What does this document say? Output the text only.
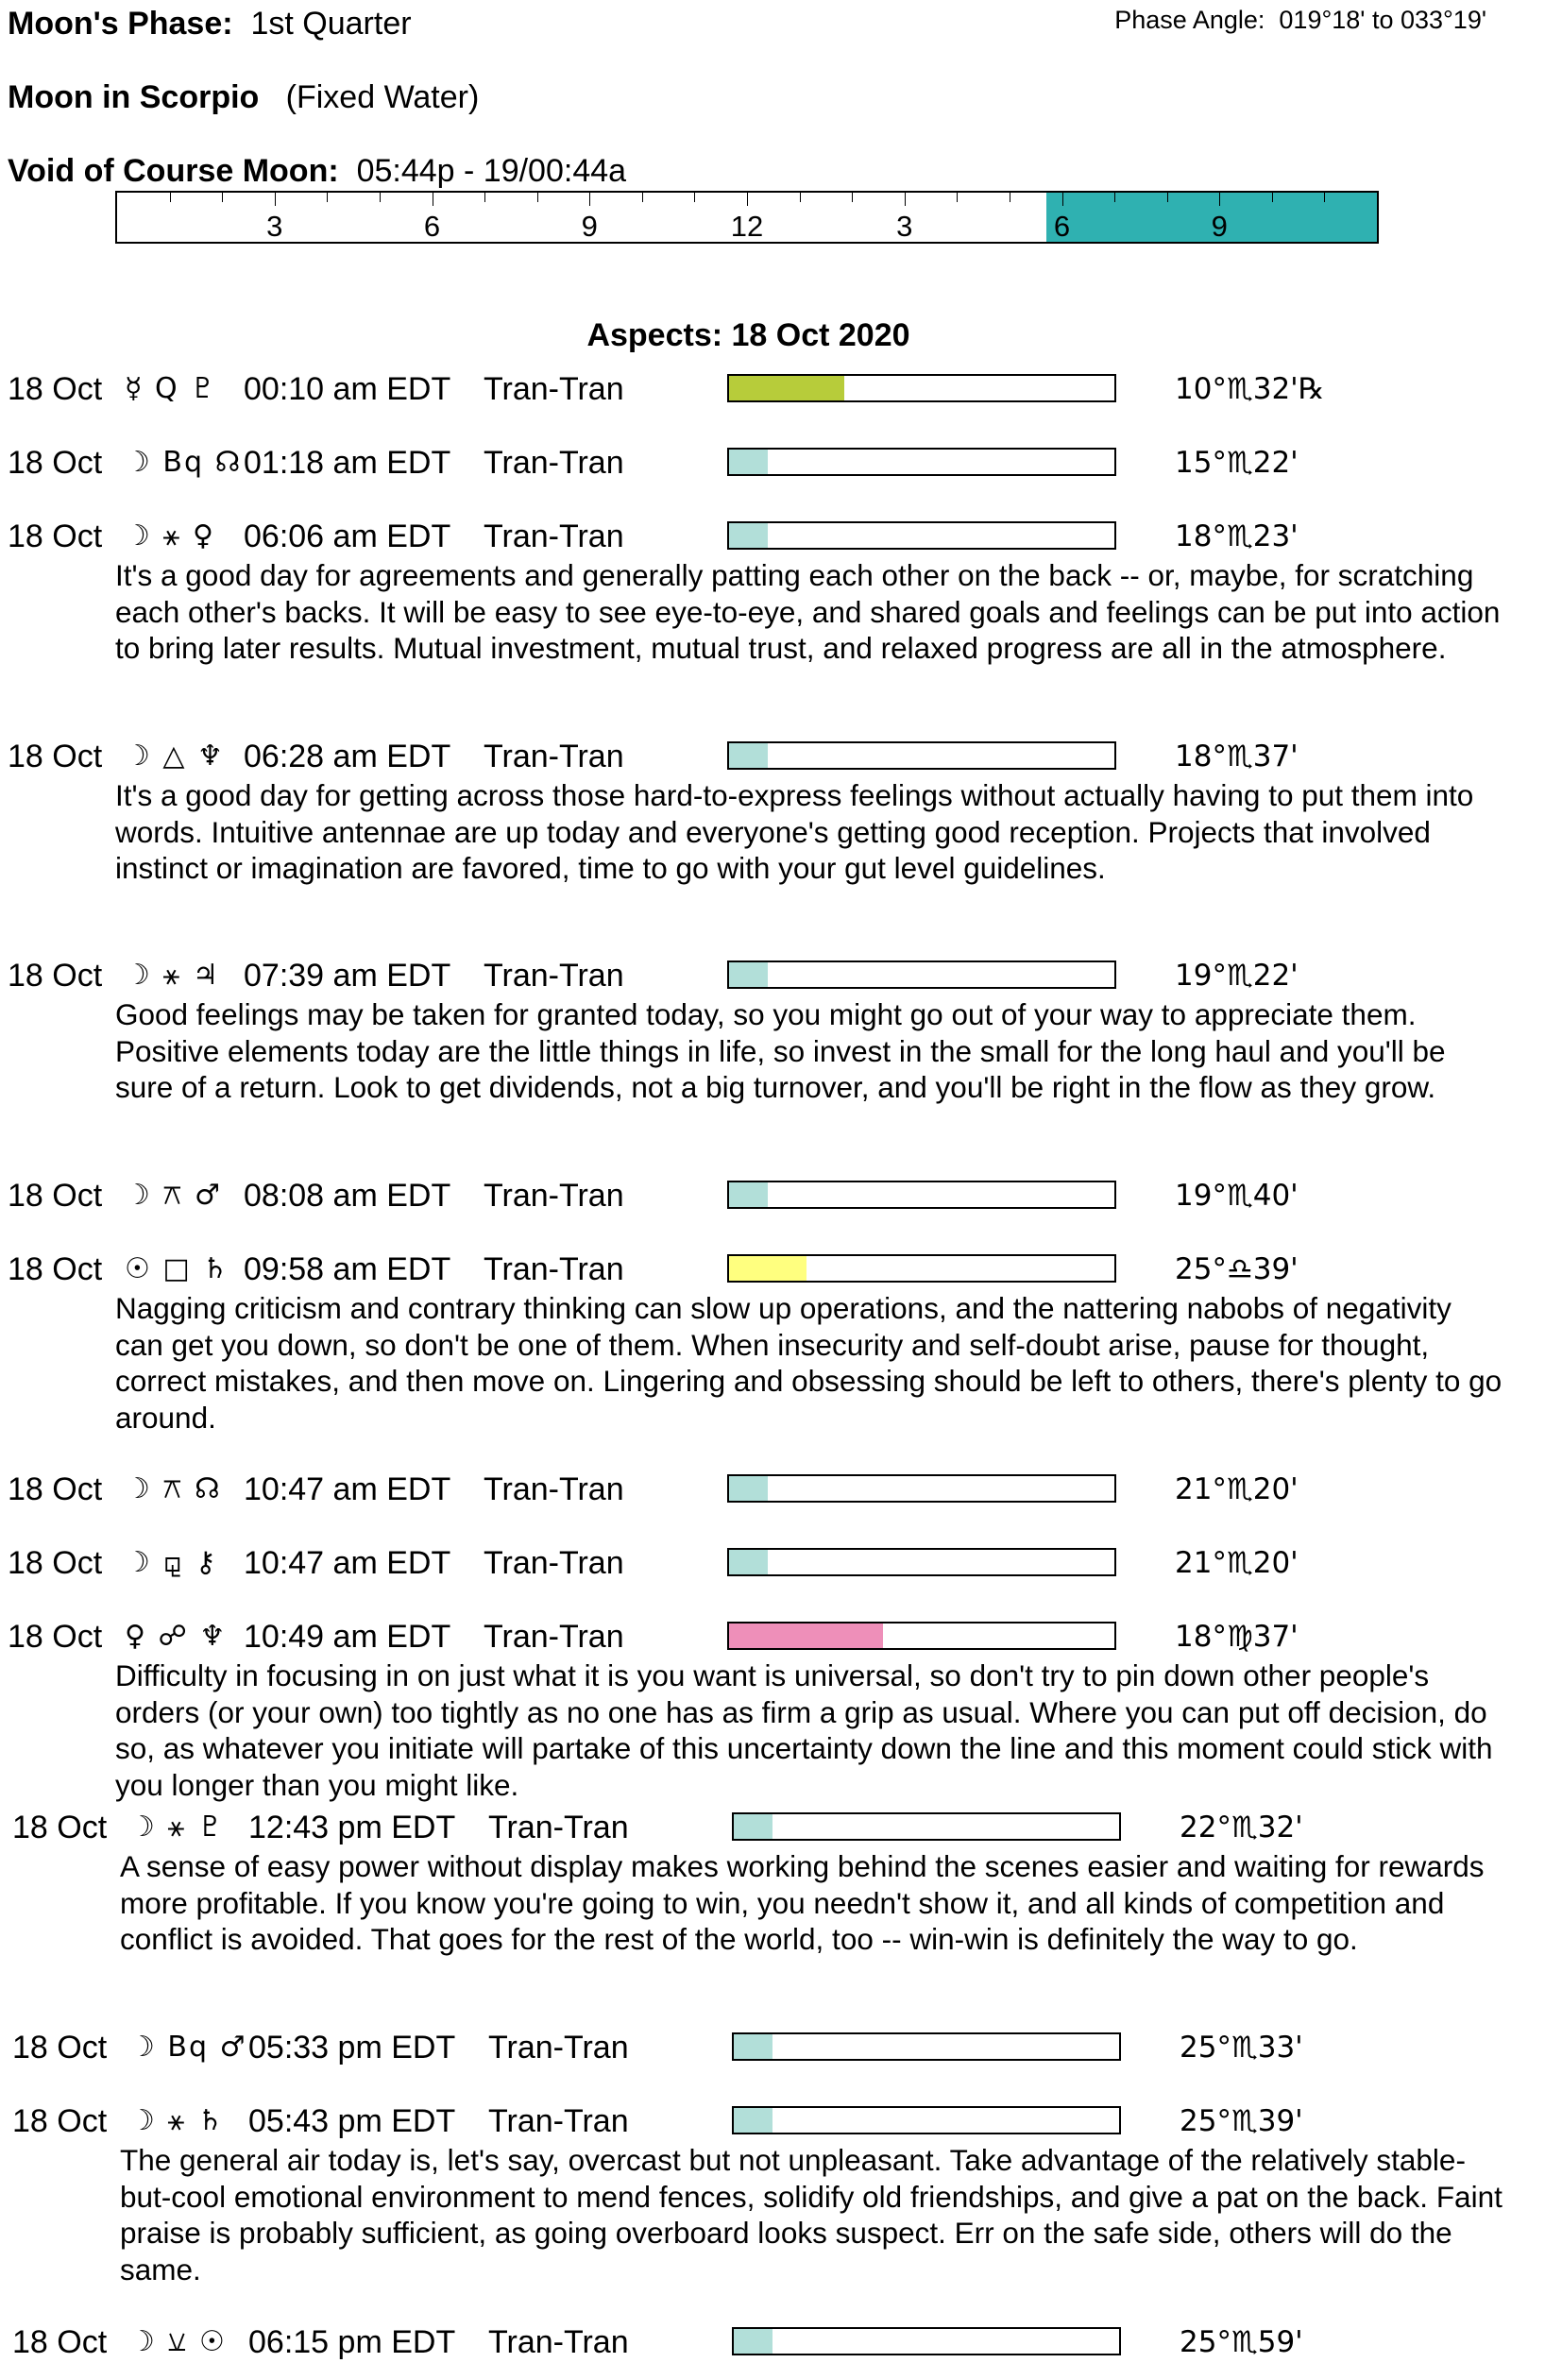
Moon's Phase: 1st Quarter	Phase Angle: 019°18' to 033°19'
Moon in Scorpio (Fixed Water)
Void of Course Moon: 05:44p - 19/00:44a
3	6	9	12	3	6	9
Aspects: 18 Oct 2020
18 Oct ☿ Q ♇ 00:10 am EDT Tran-Tran	10°♏32'℞
18 Oct ☽ Bq ☊ 01:18 am EDT Tran-Tran	15°♏22'
18 Oct ☽ ⚹ ♀ 06:06 am EDT Tran-Tran	18°♏23'

It's a good day for agreements and generally patting each other on the back -- or, maybe, for scratching each other's backs. It will be easy to see eye-to-eye, and shared goals and feelings can be put into action to bring later results. Mutual investment, mutual trust, and relaxed progress are all in the atmosphere.

18 Oct ☽ △ ♆ 06:28 am EDT Tran-Tran	18°♏37'

It's a good day for getting across those hard-to-express feelings without actually having to put them into words. Intuitive antennae are up today and everyone's getting good reception. Projects that involved instinct or imagination are favored, time to go with your gut level guidelines.

18 Oct ☽ ⚹ ♃ 07:39 am EDT Tran-Tran	19°♏22'

Good feelings may be taken for granted today, so you might go out of your way to appreciate them. Positive elements today are the little things in life, so invest in the small for the long haul and you'll be sure of a return. Look to get dividends, not a big turnover, and you'll be right in the flow as they grow.

18 Oct ☽ ⚻ ♂ 08:08 am EDT Tran-Tran	19°♏40'
18 Oct ☉ □ ♄ 09:58 am EDT Tran-Tran	25°♎39'

Nagging criticism and contrary thinking can slow up operations, and the nattering nabobs of negativity can get you down, so don't be one of them. When insecurity and self-doubt arise, pause for thought, correct mistakes, and then move on. Lingering and obsessing should be left to others, there's plenty to go around.

18 Oct ☽ ⚻ ☊ 10:47 am EDT Tran-Tran	21°♏20'
18 Oct ☽ ⚼ ⚷ 10:47 am EDT Tran-Tran	21°♏20'
18 Oct ♀ ☍ ♆ 10:49 am EDT Tran-Tran	18°♍37'

Difficulty in focusing in on just what it is you want is universal, so don't try to pin down other people's orders (or your own) too tightly as no one has as firm a grip as usual. Where you can put off decision, do so, as whatever you initiate will partake of this uncertainty down the line and this moment could stick with you longer than you might like.

18 Oct ☽ ⚹ ♇ 12:43 pm EDT Tran-Tran	22°♏32'

A sense of easy power without display makes working behind the scenes easier and waiting for rewards more profitable. If you know you're going to win, you needn't show it, and all kinds of competition and conflict is avoided. That goes for the rest of the world, too -- win-win is definitely the way to go.

18 Oct ☽ Bq ♂ 05:33 pm EDT Tran-Tran	25°♏33'
18 Oct ☽ ⚹ ♄ 05:43 pm EDT Tran-Tran	25°♏39'

The general air today is, let's say, overcast but not unpleasant. Take advantage of the relatively stable-but-cool emotional environment to mend fences, solidify old friendships, and give a pat on the back. Faint praise is probably sufficient, as going overboard looks suspect. Err on the safe side, others will do the same.

18 Oct ☽ ⚺ ☉ 06:15 pm EDT Tran-Tran	25°♏59'
